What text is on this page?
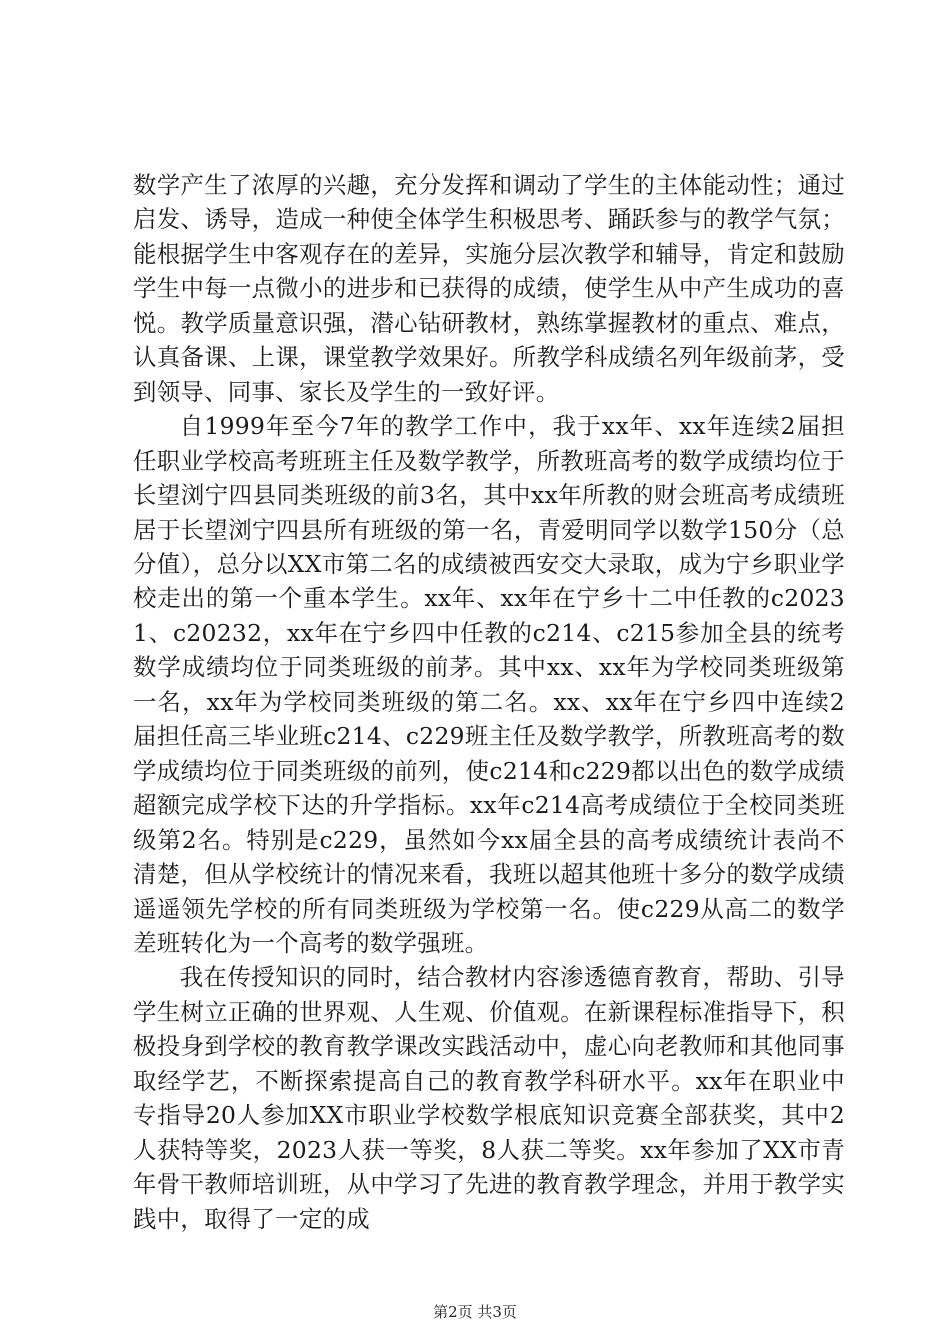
数学产生了浓厚的兴趣，充分发挥和调动了学生的主体能动性；通过启发、诱导，造成一种使全体学生积极思考、踊跃参与的教学气氛；能根据学生中客观存在的差异，实施分层次教学和辅导，肯定和鼓励学生中每一点微小的进步和已获得的成绩，使学生从中产生成功的喜悦。教学质量意识强，潜心钻研教材，熟练掌握教材的重点、难点，认真备课、上课，课堂教学效果好。所教学科成绩名列年级前茅，受到领导、同事、家长及学生的一致好评。

自1999年至今7年的教学工作中，我于xx年、xx年连续2届担任职业学校高考班班主任及数学教学，所教班高考的数学成绩均位于长望浏宁四县同类班级的前3名，其中xx年所教的财会班高考成绩班居于长望浏宁四县所有班级的第一名，青爱明同学以数学150分（总分值），总分以XX市第二名的成绩被西安交大录取，成为宁乡职业学校走出的第一个重本学生。xx年、xx年在宁乡十二中任教的c20231、c20232，xx年在宁乡四中任教的c214、c215参加全县的统考数学成绩均位于同类班级的前茅。其中xx、xx年为学校同类班级第一名，xx年为学校同类班级的第二名。xx、xx年在宁乡四中连续2届担任高三毕业班c214、c229班主任及数学教学，所教班高考的数学成绩均位于同类班级的前列，使c214和c229都以出色的数学成绩超额完成学校下达的升学指标。xx年c214高考成绩位于全校同类班级第2名。特别是c229，虽然如今xx届全县的高考成绩统计表尚不清楚，但从学校统计的情况来看，我班以超其他班十多分的数学成绩遥遥领先学校的所有同类班级为学校第一名。使c229从高二的数学差班转化为一个高考的数学强班。

我在传授知识的同时，结合教材内容渗透德育教育，帮助、引导学生树立正确的世界观、人生观、价值观。在新课程标准指导下，积极投身到学校的教育教学课改实践活动中，虚心向老教师和其他同事取经学艺，不断探索提高自己的教育教学科研水平。xx年在职业中专指导20人参加XX市职业学校数学根底知识竞赛全部获奖，其中2人获特等奖，2023人获一等奖，8人获二等奖。xx年参加了XX市青年骨干教师培训班，从中学习了先进的教育教学理念，并用于教学实践中，取得了一定的成

第2页 共3页
